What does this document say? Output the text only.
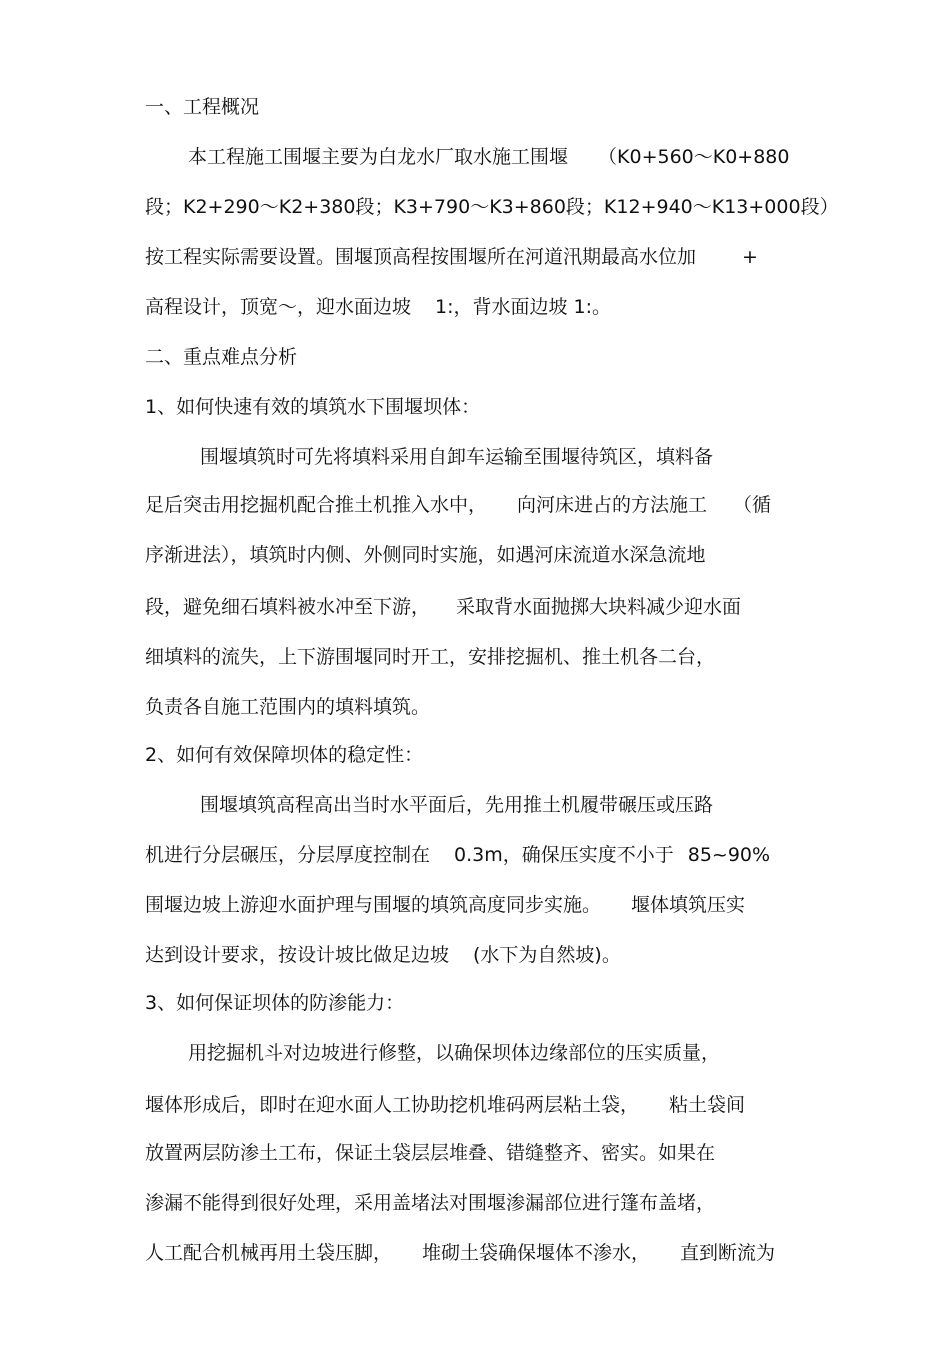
一、工程概况
本工程施工围堰主要为白龙水厂取水施工围堰 （K0+560～K0+880
段；K2+290～K2+380段；K3+790～K3+860段；K12+940～K13+000段）
按工程实际需要设置。围堰顶高程按围堰所在河道汛期最高水位加 +
高程设计，顶宽～，迎水面边坡 1:，背水面边坡 1:。
二、重点难点分析
1、如何快速有效的填筑水下围堰坝体：
围堰填筑时可先将填料采用自卸车运输至围堰待筑区，填料备
足后突击用挖掘机配合推土机推入水中， 向河床进占的方法施工 （循
序渐进法），填筑时内侧、外侧同时实施，如遇河床流道水深急流地
段，避免细石填料被水冲至下游， 采取背水面抛掷大块料减少迎水面
细填料的流失，上下游围堰同时开工，安排挖掘机、推土机各二台，
负责各自施工范围内的填料填筑。
2、如何有效保障坝体的稳定性：
围堰填筑高程高出当时水平面后，先用推土机履带碾压或压路
机进行分层碾压，分层厚度控制在 0.3m，确保压实度不小于 85~90%
围堰边坡上游迎水面护理与围堰的填筑高度同步实施。 堰体填筑压实
达到设计要求，按设计坡比做足边坡 (水下为自然坡)。
3、如何保证坝体的防渗能力：
用挖掘机斗对边坡进行修整，以确保坝体边缘部位的压实质量，
堰体形成后，即时在迎水面人工协助挖机堆码两层粘土袋， 粘土袋间
放置两层防渗土工布，保证土袋层层堆叠、错缝整齐、密实。如果在
渗漏不能得到很好处理，采用盖堵法对围堰渗漏部位进行篷布盖堵，
人工配合机械再用土袋压脚， 堆砌土袋确保堰体不渗水， 直到断流为
